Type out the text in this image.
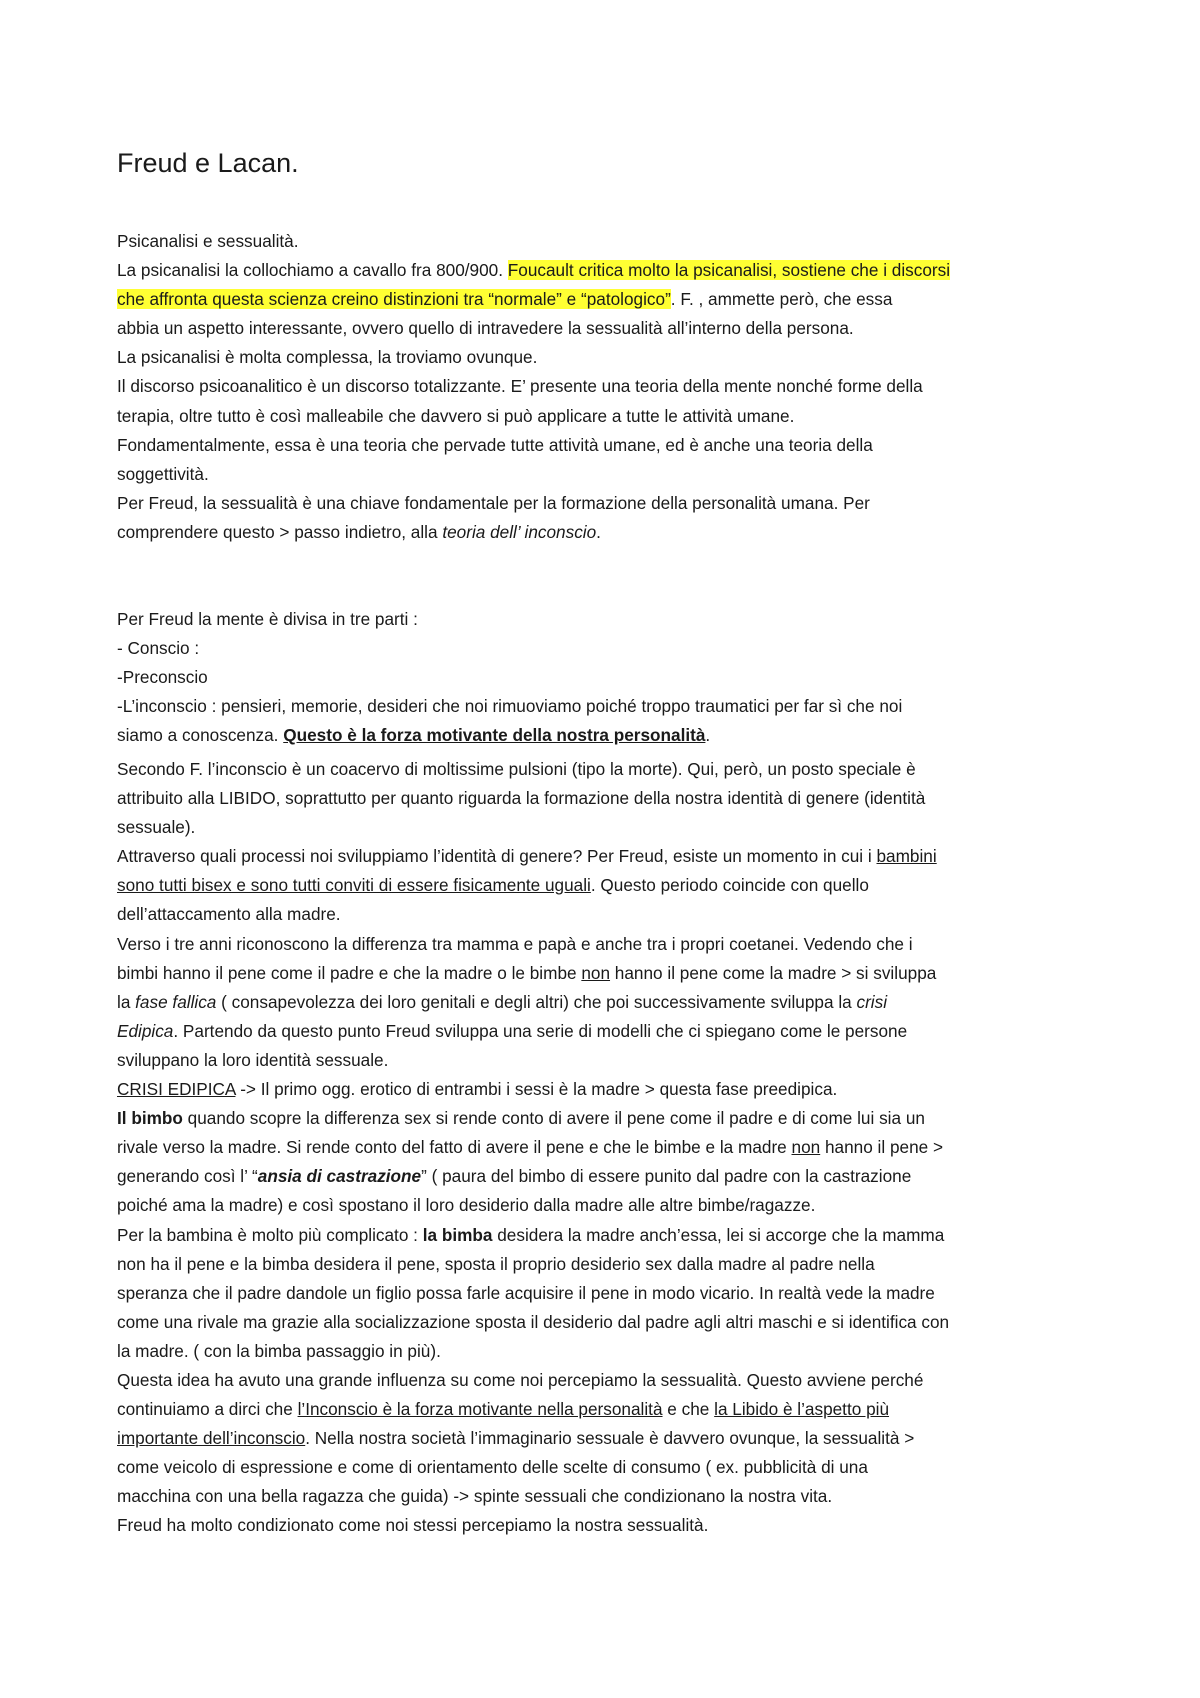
Freud e Lacan.
Psicanalisi e sessualità.
La psicanalisi la collochiamo a cavallo fra 800/900. Foucault critica molto la psicanalisi, sostiene che i discorsi
che affronta questa scienza creino distinzioni tra “normale” e “patologico”. F. , ammette però, che essa
abbia un aspetto interessante, ovvero quello di intravedere la sessualità all’interno della persona.
La psicanalisi è molta complessa, la troviamo ovunque.
Il discorso psicoanalitico è un discorso totalizzante. E’ presente una teoria della mente nonché forme della
terapia, oltre tutto è così malleabile che davvero si può applicare a tutte le attività umane.
Fondamentalmente, essa è una teoria che pervade tutte attività umane, ed è anche una teoria della
soggettività.
Per Freud, la sessualità è una chiave fondamentale per la formazione della personalità umana. Per
comprendere questo > passo indietro, alla teoria dell’ inconscio.
Per Freud la mente è divisa in tre parti :
- Conscio :
-Preconscio
-L’inconscio : pensieri, memorie, desideri che noi rimuoviamo poiché troppo traumatici per far sì che noi
siamo a conoscenza. Questo è la forza motivante della nostra personalità.
Secondo F. l’inconscio è un coacervo di moltissime pulsioni (tipo la morte). Qui, però, un posto speciale è
attribuito alla LIBIDO, soprattutto per quanto riguarda la formazione della nostra identità di genere (identità
sessuale).
Attraverso quali processi noi sviluppiamo l’identità di genere? Per Freud, esiste un momento in cui i bambini
sono tutti bisex e sono tutti conviti di essere fisicamente uguali. Questo periodo coincide con quello
dell’attaccamento alla madre.
Verso i tre anni riconoscono la differenza tra mamma e papà e anche tra i propri coetanei. Vedendo che i
bimbi hanno il pene come il padre e che la madre o le bimbe non hanno il pene come la madre > si sviluppa
la fase fallica ( consapevolezza dei loro genitali e degli altri) che poi successivamente sviluppa la crisi
Edipica. Partendo da questo punto Freud sviluppa una serie di modelli che ci spiegano come le persone
sviluppano la loro identità sessuale.
CRISI EDIPICA -> Il primo ogg. erotico di entrambi i sessi è la madre > questa fase preedipica.
Il bimbo quando scopre la differenza sex si rende conto di avere il pene come il padre e di come lui sia un
rivale verso la madre. Si rende conto del fatto di avere il pene e che le bimbe e la madre non hanno il pene >
generando così l’ “ansia di castrazione” ( paura del bimbo di essere punito dal padre con la castrazione
poiché ama la madre) e così spostano il loro desiderio dalla madre alle altre bimbe/ragazze.
Per la bambina è molto più complicato : la bimba desidera la madre anch’essa, lei si accorge che la mamma
non ha il pene e la bimba desidera il pene, sposta il proprio desiderio sex dalla madre al padre nella
speranza che il padre dandole un figlio possa farle acquisire il pene in modo vicario. In realtà vede la madre
come una rivale ma grazie alla socializzazione sposta il desiderio dal padre agli altri maschi e si identifica con
la madre. ( con la bimba passaggio in più).
Questa idea ha avuto una grande influenza su come noi percepiamo la sessualità. Questo avviene perché
continuiamo a dirci che l’Inconscio è la forza motivante nella personalità e che la Libido è l’aspetto più
importante dell’inconscio. Nella nostra società l’immaginario sessuale è davvero ovunque, la sessualità >
come veicolo di espressione e come di orientamento delle scelte di consumo ( ex. pubblicità di una
macchina con una bella ragazza che guida) -> spinte sessuali che condizionano la nostra vita.
Freud ha molto condizionato come noi stessi percepiamo la nostra sessualità.
